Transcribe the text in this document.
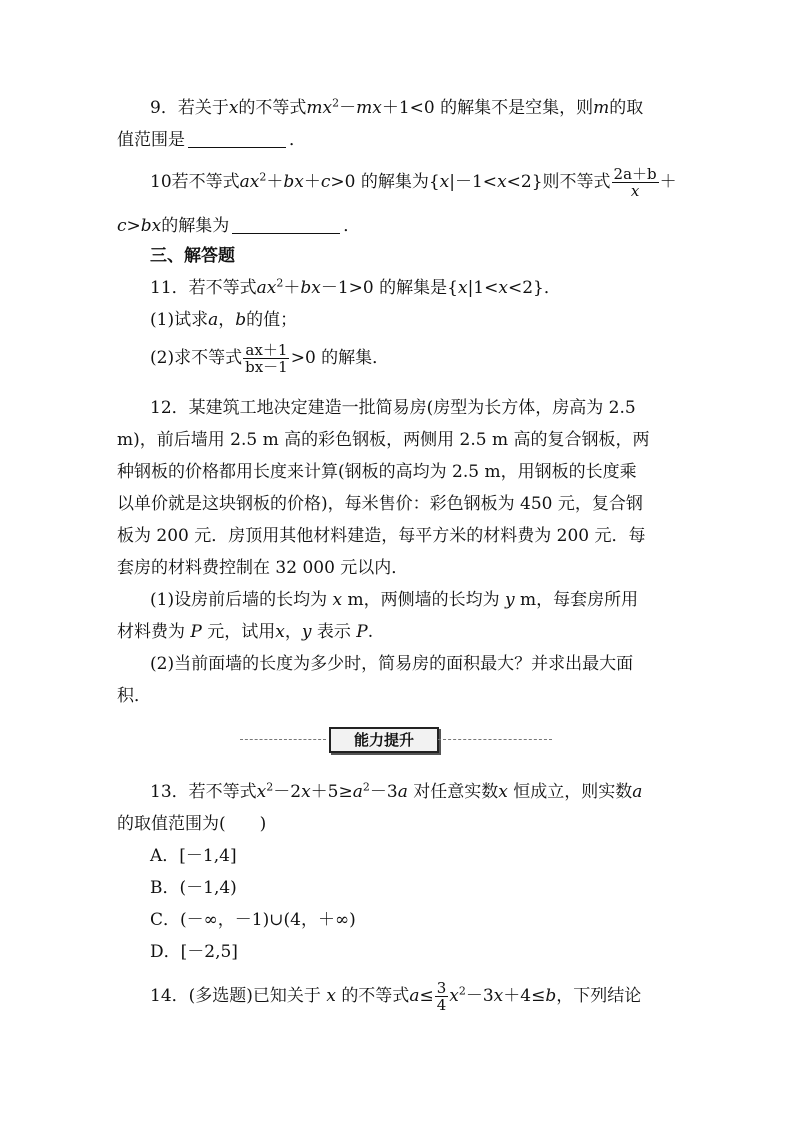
9．若关于x的不等式$mx^2-mx+1<0$ 的解集不是空集，则m的取
值范围是	．
10若不等式$ax^2+bx+c>0$ 的解集为{x|－1<x<2}则不等式 $\frac{2a+b}{x}$ ＋
c>bx的解集为	．
三、解答题
11．若不等式$ax^2+bx-1>0$ 的解集是{x|1<x<2}．
(1)试求a，b的值；
(2)求不等式 $\frac{ax+1}{bx-1} >0$ 的解集．
12．某建筑工地决定建造一批简易房(房型为长方体，房高为 2.5
m)，前后墙用 2.5 m 高的彩色钢板，两侧用 2.5 m 高的复合钢板，两
种钢板的价格都用长度来计算(钢板的高均为 2.5 m，用钢板的长度乘
以单价就是这块钢板的价格)，每米售价：彩色钢板为 450 元，复合钢
板为 200 元．房顶用其他材料建造，每平方米的材料费为 200 元．每
套房的材料费控制在 32 000 元以内．
(1)设房前后墙的长均为 x m，两侧墙的长均为 y m，每套房所用
材料费为 P 元，试用x，y 表示 P.
(2)当前面墙的长度为多少时，简易房的面积最大？并求出最大面
积．
能力提升
13．若不等式$x^2-2x+5\ge a^2-3a$ 对任意实数x 恒成立，则实数a
的取值范围为(　　)
A．[－1,4]
B．(－1,4)
C．(－∞，－1)∪(4，＋∞)
D．[－2,5]
14．(多选题)已知关于 x 的不等式$a\le \frac{3}{4} x^2-3x+4\le b$，下列结论
